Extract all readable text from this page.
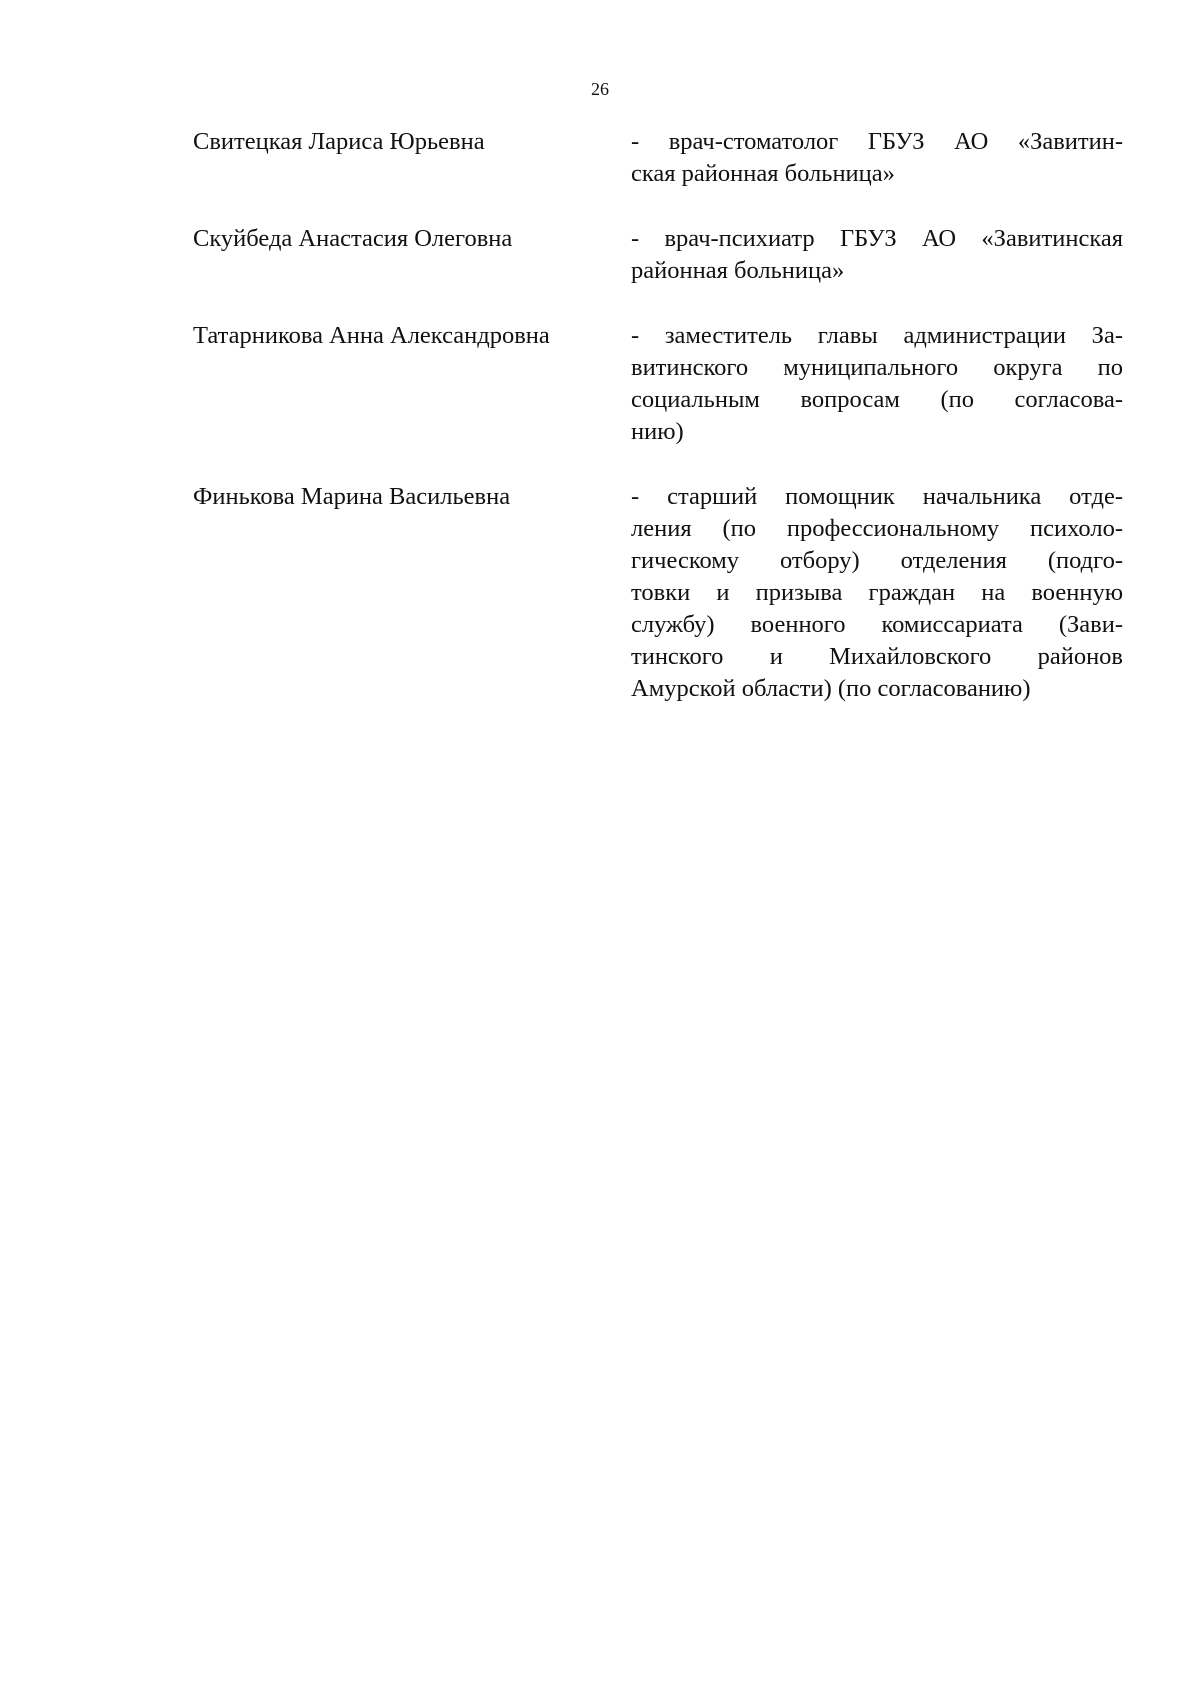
26
Свитецкая Лариса Юрьевна	- врач-стоматолог ГБУЗ АО «Завитин-
ская районная больница»
Скуйбеда Анастасия Олеговна	- врач-психиатр ГБУЗ АО «Завитинская
районная больница»
Татарникова Анна Александровна	- заместитель главы администрации За-
витинского муниципального округа по
социальным вопросам (по согласова-
нию)
Финькова Марина Васильевна	- старший помощник начальника отде-
ления (по профессиональному психоло-
гическому отбору) отделения (подго-
товки и призыва граждан на военную
службу) военного комиссариата (Зави-
тинского и Михайловского районов
Амурской области) (по согласованию)
